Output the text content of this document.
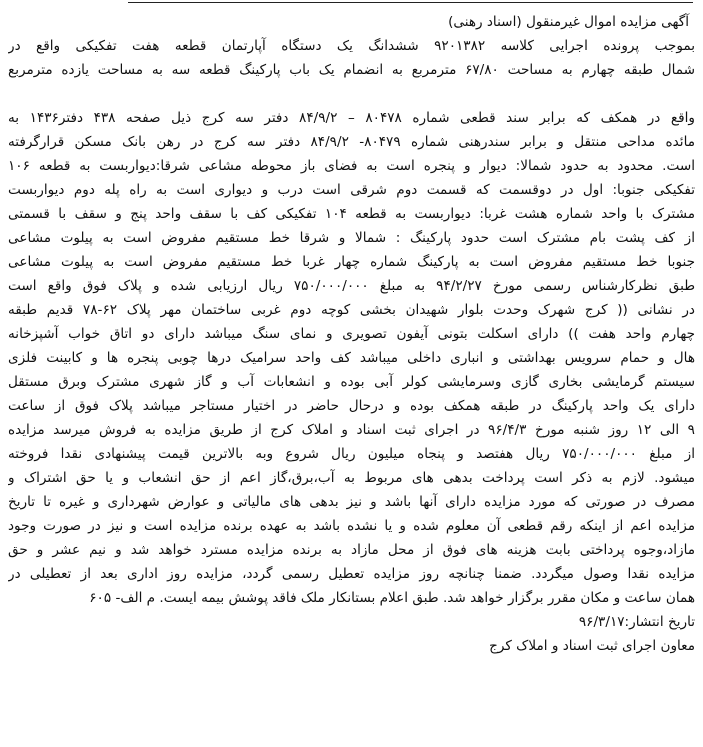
آگهی مزایده اموال غیرمنقول (اسناد رهنی)
بموجب پرونده اجرایی کلاسه ۹۲۰۱۳۸۲ ششدانگ یک دستگاه آپارتمان قطعه هفت تفکیکی واقع در
شمال طبقه چهارم به مساحت ۶۷/۸۰ مترمربع به انضمام یک باب پارکینگ قطعه سه به مساحت یازده مترمربع
واقع در همکف که برابر سند قطعی شماره ۸۰۴۷۸ – ۸۴/۹/۲ دفتر سه کرج ذیل صفحه ۴۳۸ دفتر۱۴۳۶ به
مائده مداحی منتقل و برابر سندرهنی شماره ۸۰۴۷۹- ۸۴/۹/۲ دفتر سه کرج در رهن بانک مسکن قرارگرفته
است. محدود به حدود شمالا: دیوار و پنجره است به فضای باز محوطه مشاعی شرقا:دیواربست به قطعه ۱۰۶
تفکیکی جنوبا: اول در دوقسمت که قسمت دوم شرقی است درب و دیواری است به راه پله دوم دیواربست
مشترک با واحد شماره هشت غربا: دیواربست به قطعه ۱۰۴ تفکیکی کف با سقف واحد پنج و سقف با قسمتی
از کف پشت بام مشترک است حدود پارکینگ : شمالا و شرقا خط مستقیم مفروض است به پیلوت مشاعی
جنوبا خط مستقیم مفروض است به پارکینگ شماره چهار غربا خط مستقیم مفروض است به پیلوت مشاعی
طبق نظرکارشناس رسمی مورخ ۹۴/۲/۲۷ به مبلغ ۷۵۰/۰۰۰/۰۰۰ ریال ارزیابی شده و پلاک فوق واقع است
در نشانی (( کرج شهرک وحدت بلوار شهیدان بخشی کوچه دوم غربی ساختمان مهر پلاک ۶۲-۷۸ قدیم طبقه
چهارم واحد هفت )) دارای اسکلت بتونی آیفون تصویری و نمای سنگ میباشد دارای دو اتاق خواب آشپزخانه
هال و حمام سرویس بهداشتی و انباری داخلی میباشد کف واحد سرامیک درها چوبی پنجره ها و کابینت فلزی
سیستم گرمایشی بخاری گازی وسرمایشی کولر آبی بوده و انشعابات آب و گاز شهری مشترک وبرق مستقل
دارای یک واحد پارکینگ در طبقه همکف بوده و درحال حاضر در اختیار مستاجر میباشد پلاک فوق از ساعت
۹ الی ۱۲ روز شنبه مورخ ۹۶/۴/۳ در اجرای ثبت اسناد و املاک کرج از طریق مزایده به فروش میرسد مزایده
از مبلغ ۷۵۰/۰۰۰/۰۰۰ ریال هفتصد و پنجاه میلیون ریال شروع وبه بالاترین قیمت پیشنهادی نقدا فروخته
میشود. لازم به ذکر است پرداخت بدهی های مربوط به آب،برق،گاز اعم از حق انشعاب و یا حق اشتراک و
مصرف در صورتی که مورد مزایده دارای آنها باشد و نیز بدهی های مالیاتی و عوارض شهرداری و غیره تا تاریخ
مزایده اعم از اینکه رقم قطعی آن معلوم شده و یا نشده باشد به عهده برنده مزایده است و نیز در صورت وجود
مازاد،وجوه پرداختی بابت هزینه های فوق از محل مازاد به برنده مزایده مسترد خواهد شد و نیم عشر و حق
مزایده نقدا وصول میگردد. ضمنا چنانچه روز مزایده تعطیل رسمی گردد، مزایده روز اداری بعد از تعطیلی در
همان ساعت و مکان مقرر برگزار خواهد شد. طبق اعلام بستانکار ملک فاقد پوشش بیمه ایست. م الف- ۶۰۵
تاریخ انتشار:۹۶/۳/۱۷
معاون اجرای ثبت اسناد و املاک کرج
